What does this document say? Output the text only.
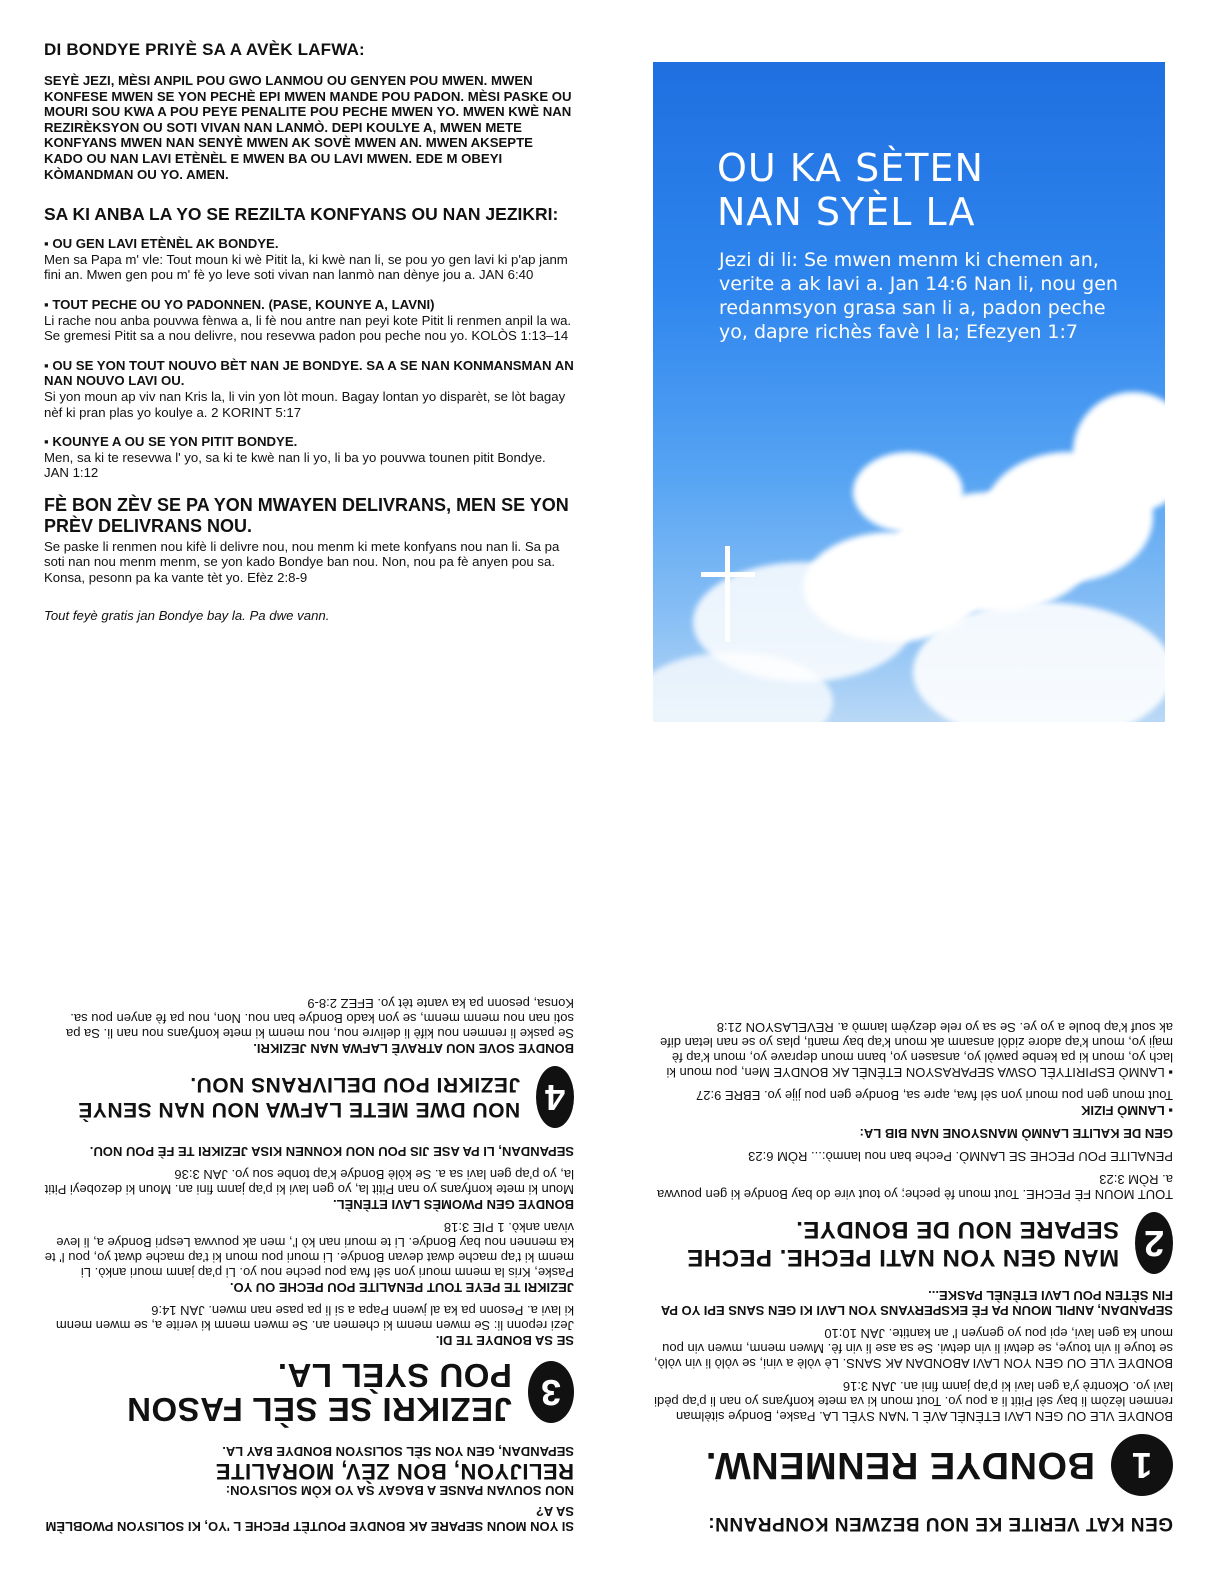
DI BONDYE PRIYÈ SA A AVÈK LAFWA:

SEYÈ JEZI, MÈSI ANPIL POU GWO LANMOU OU GENYEN POU MWEN. MWEN KONFESE MWEN SE YON PECHÈ EPI MWEN MANDE POU PADON. MÈSI PASKE OU MOURI SOU KWA A POU PEYE PENALITE POU PECHE MWEN YO. MWEN KWÈ NAN REZIRÈKSYON OU SOTI VIVAN NAN LANMÒ. DEPI KOULYE A, MWEN METE KONFYANS MWEN NAN SENYÈ MWEN AK SOVÈ MWEN AN. MWEN AKSEPTE KADO OU NAN LAVI ETÈNÈL E MWEN BA OU LAVI MWEN. EDE M OBEYI KÒMANDMAN OU YO. AMEN.

SA KI ANBA LA YO SE REZILTA KONFYANS OU NAN JEZIKRI:
▪ OU GEN LAVI ETÈNÈL AK BONDYE.
Men sa Papa m' vle: Tout moun ki wè Pitit la, ki kwè nan li, se pou yo gen lavi ki p'ap janm fini an. Mwen gen pou m' fè yo leve soti vivan nan lanmò nan dènye jou a. JAN 6:40
▪ TOUT PECHE OU YO PADONNEN. (PASE, KOUNYE A, LAVNI)
Li rache nou anba pouvwa fènwa a, li fè nou antre nan peyi kote Pitit li renmen anpil la wa. Se gremesi Pitit sa a nou delivre, nou resevwa padon pou peche nou yo. KOLÒS 1:13–14
▪ OU SE YON TOUT NOUVO BÈT NAN JE BONDYE. SA A SE NAN KONMANSMAN AN NAN NOUVO LAVI OU.
Si yon moun ap viv nan Kris la, li vin yon lòt moun. Bagay lontan yo disparèt, se lòt bagay nèf ki pran plas yo koulye a. 2 KORINT 5:17
▪ KOUNYE A OU SE YON PITIT BONDYE.
Men, sa ki te resevwa l' yo, sa ki te kwè nan li yo, li ba yo pouvwa tounen pitit Bondye. JAN 1:12
FÈ BON ZÈV SE PA YON MWAYEN DELIVRANS, MEN SE YON PRÈV DELIVRANS NOU.

Se paske li renmen nou kifè li delivre nou, nou menm ki mete konfyans nou nan li. Sa pa soti nan nou menm menm, se yon kado Bondye ban nou. Non, nou pa fè anyen pou sa. Konsa, pesonn pa ka vante tèt yo. Efèz 2:8-9

Tout feyè gratis jan Bondye bay la. Pa dwe vann.
OU KA SÈTEN
NAN SYÈL LA

Jezi di li: Se mwen menm ki chemen an, verite a ak lavi a. Jan 14:6 Nan li, nou gen redanmsyon grasa san li a, padon peche yo, dapre richès favè l la; Efezyen 1:7

SI YON MOUN SEPARE AK BONDYE POUTÈT PECHE L 'YO, KI SOLISYON PWOBLÈM SA A?
NOU SOUVAN PANSE A BAGAY SA YO KÒM SOLISYON:
RELIJYON, BON ZÈV, MORALITE
SEPANDAN, GEN YON SÈL SOLISYON BONDYE BAY LA.
3
JEZIKRI SE SÈL FASON POU SYÈL LA.
SE SA BONDYE TE DI.

Jezi reponn li: Se mwen menm ki chemen an. Se mwen menm ki verite a, se mwen menm ki lavi a. Pesonn pa ka al jwenn Papa a si li pa pase nan mwen. JAN 14:6

JEZIKRI TE PEYE TOUT PENALITE POU PECHE OU YO.

Paske, Kris la menm mouri yon sèl fwa pou peche nou yo. Li p'ap janm mouri ankò. Li menm ki t'ap mache dwat devan Bondye. Li mouri pou moun ki t'ap mache dwat yo, pou l' te ka mennen nou bay Bondye. Li te mouri nan kò l', men ak pouvwa Lespri Bondye a, li leve vivan ankò. 1 PIE 3:18

BONDYE GEN PWOMÈS LAVI ETÈNÈL.

Moun ki mete konfyans yo nan Pitit la, yo gen lavi ki p'ap janm fini an. Moun ki dezobeyi Pitit la, yo p'ap gen lavi sa a. Se kòlè Bondye k'ap tonbe sou yo. JAN 3:36

SEPANDAN, LI PA ASE JIS POU NOU KONNEN KISA JEZIKRI TE FÈ POU NOU.
4
NOU DWE METE LAFWA NOU NAN SENYÈ JEZIKRI POU DELIVRANS NOU.
BONDYE SOVE NOU ATRAVÈ LAFWA NAN JEZIKRI.

Se paske li renmen nou kifè li delivre nou, nou menm ki mete konfyans nou nan li. Sa pa soti nan nou menm menm, se yon kado Bondye ban nou. Non, nou pa fè anyen pou sa. Konsa, pesonn pa ka vante tèt yo. EFEZ 2:8-9

GEN KAT VERITE KE NOU BEZWEN KONPRANN:
1
BONDYE RENMENW.

BONDYE VLE OU GEN LAVI ETÈNÈL AVÈ L 'NAN SYÈL LA. Paske, Bondye sitèlman renmen lèzòm li bay sèl Pitit li a pou yo. Tout moun ki va mete konfyans yo nan li p'ap pèdi lavi yo. Okontrè y'a gen lavi ki p'ap janm fini an. JAN 3:16

BONDYE VLE OU GEN YON LAVI ABONDAN AK SANS. Lè vòlè a vini, se vòlò li vin vòlò, se touye li vin touye, se detwi li vin detwi. Se sa ase li vin fè. Mwen menm, mwen vin pou moun ka gen lavi, epi pou yo genyen l' an kantite. JAN 10:10

SEPANDAN, ANPIL MOUN PA FÈ EKSPERYANS YON LAVI KI GEN SANS EPI YO PA FIN SÈTEN POU LAVI ETÈNÈL PASKE...
2
MAN GEN YON NATI PECHE. PECHE SEPARE NOU DE BONDYE.

TOUT MOUN FÈ PECHE. Tout moun fè peche; yo tout vire do bay Bondye ki gen pouvwa a. RÒM 3:23

PENALITE POU PECHE SE LANMÒ. Peche ban nou lanmò:... RÒM 6:23

GEN DE KALITE LANMÒ MANSYONE NAN BIB LA:
▪ LANMÒ FIZIK

Tout moun gen pou mouri yon sèl fwa, apre sa, Bondye gen pou jije yo. EBRE 9:27

▪ LANMÒ ESPIRITYÈL OSWA SEPARASYON ETÈNÈL AK BONDYE Men, pou moun ki lach yo, moun ki pa kenbe pawòl yo, ansasen yo, bann moun deprave yo, moun k'ap fè maji yo, moun k'ap adore zidòl ansanm ak moun k'ap bay manti, plas yo se nan letan dife ak souf k'ap boule a yo ye. Se sa yo rele dezyèm lanmò a. REVELASYON 21:8
